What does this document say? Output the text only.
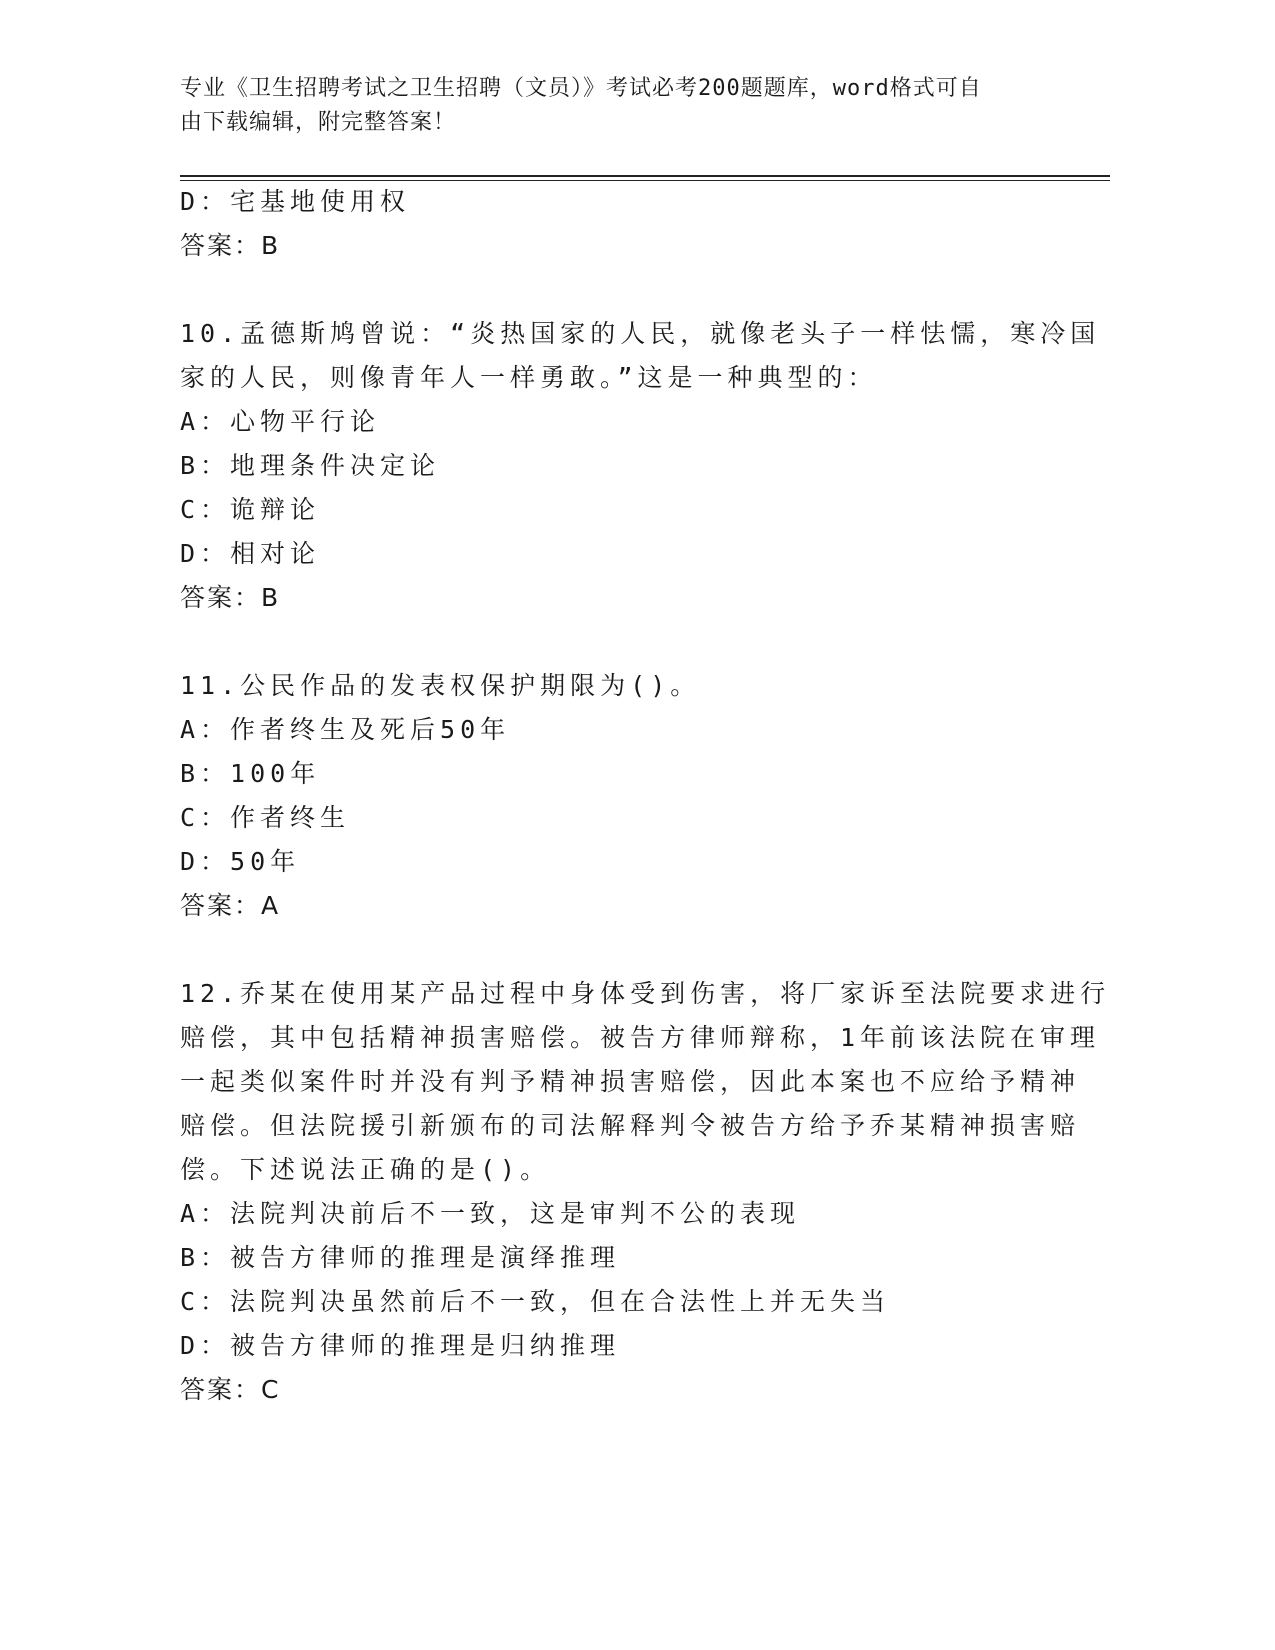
专业《卫生招聘考试之卫生招聘（文员）》考试必考200题题库，word格式可自
由下载编辑，附完整答案！
D：宅基地使用权
答案：B
10.孟德斯鸠曾说：“炎热国家的人民，就像老头子一样怯懦，寒冷国
家的人民，则像青年人一样勇敢。”这是一种典型的：
A：心物平行论
B：地理条件决定论
C：诡辩论
D：相对论
答案：B
11.公民作品的发表权保护期限为()。
A：作者终生及死后50年
B：100年
C：作者终生
D：50年
答案：A
12.乔某在使用某产品过程中身体受到伤害，将厂家诉至法院要求进行
赔偿，其中包括精神损害赔偿。被告方律师辩称，1年前该法院在审理
一起类似案件时并没有判予精神损害赔偿，因此本案也不应给予精神
赔偿。但法院援引新颁布的司法解释判令被告方给予乔某精神损害赔
偿。下述说法正确的是()。
A：法院判决前后不一致，这是审判不公的表现
B：被告方律师的推理是演绎推理
C：法院判决虽然前后不一致，但在合法性上并无失当
D：被告方律师的推理是归纳推理
答案：C
